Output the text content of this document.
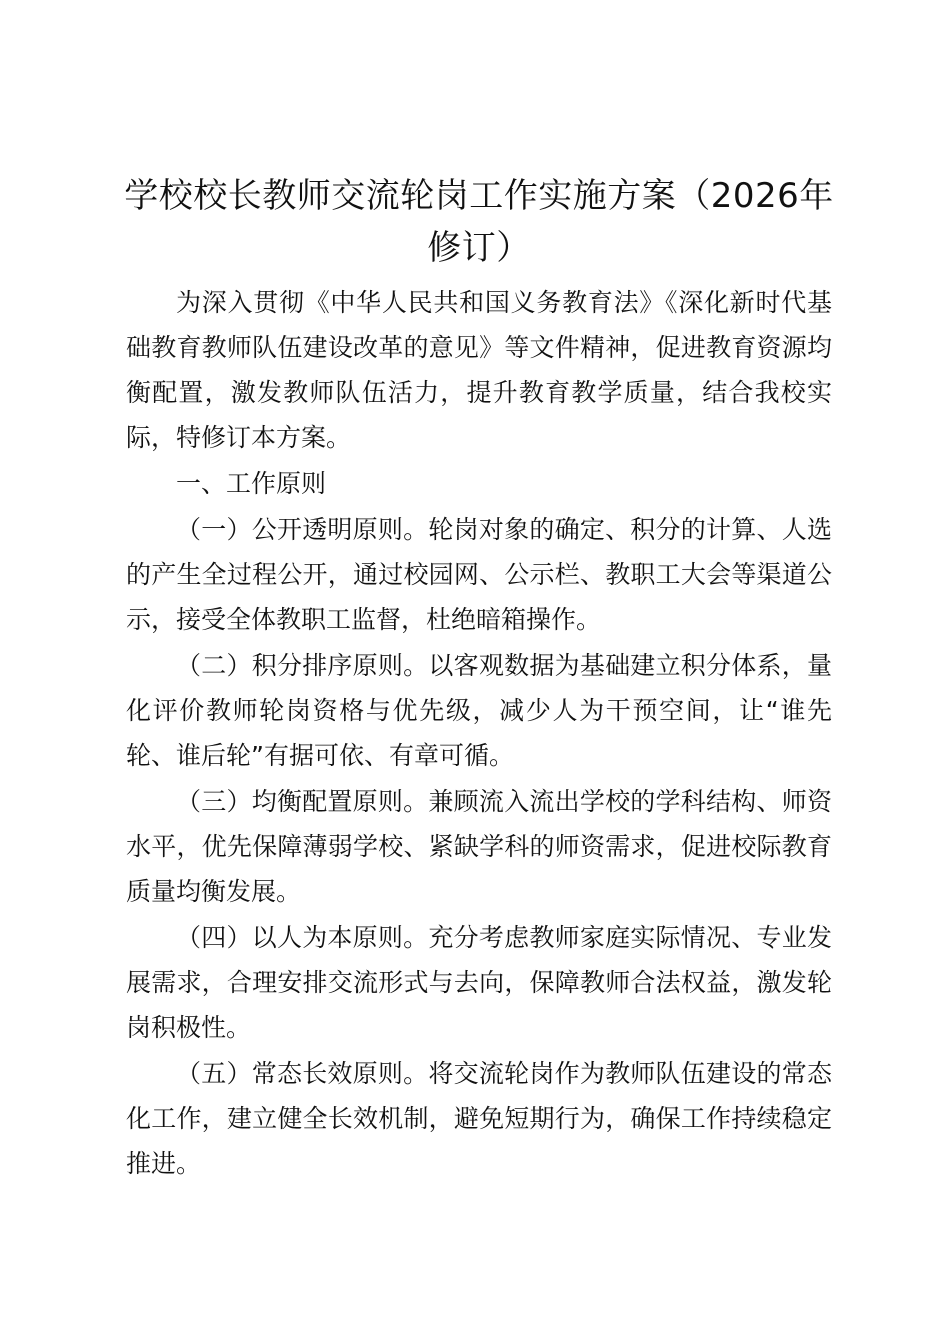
学校校长教师交流轮岗工作实施方案（2026年修订）

为深入贯彻《中华人民共和国义务教育法》《深化新时代基础教育教师队伍建设改革的意见》等文件精神，促进教育资源均衡配置，激发教师队伍活力，提升教育教学质量，结合我校实际，特修订本方案。

一、工作原则

（一）公开透明原则。轮岗对象的确定、积分的计算、人选的产生全过程公开，通过校园网、公示栏、教职工大会等渠道公示，接受全体教职工监督，杜绝暗箱操作。

（二）积分排序原则。以客观数据为基础建立积分体系，量化评价教师轮岗资格与优先级，减少人为干预空间，让“谁先轮、谁后轮”有据可依、有章可循。

（三）均衡配置原则。兼顾流入流出学校的学科结构、师资水平，优先保障薄弱学校、紧缺学科的师资需求，促进校际教育质量均衡发展。

（四）以人为本原则。充分考虑教师家庭实际情况、专业发展需求，合理安排交流形式与去向，保障教师合法权益，激发轮岗积极性。

（五）常态长效原则。将交流轮岗作为教师队伍建设的常态化工作，建立健全长效机制，避免短期行为，确保工作持续稳定推进。
